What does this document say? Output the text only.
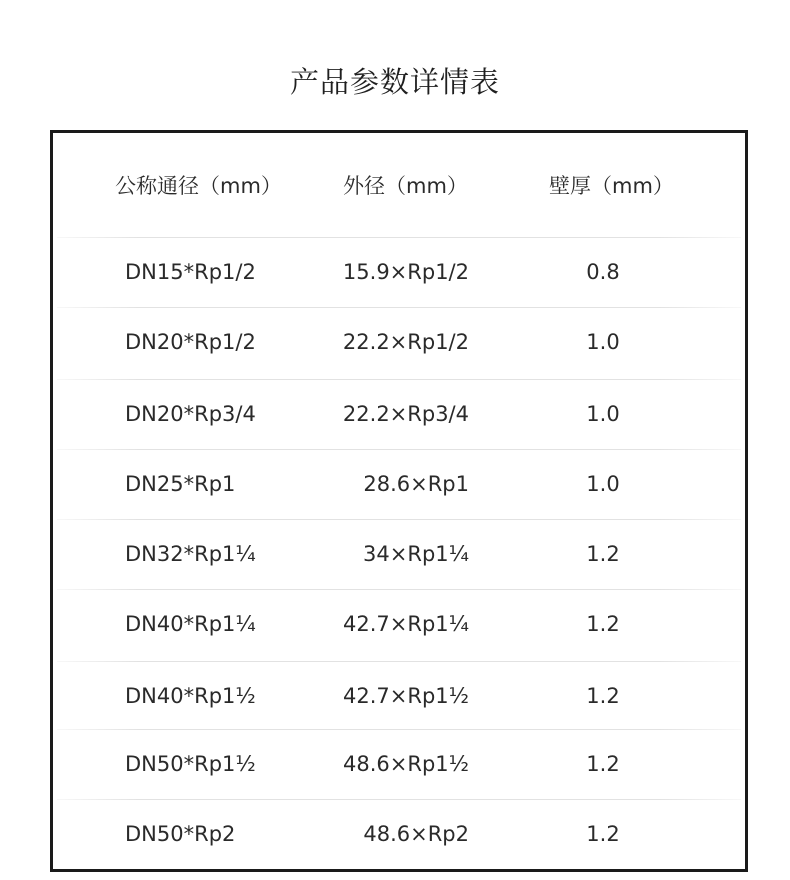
产品参数详情表
公称通径（mm）	外径（mm）	壁厚（mm）
DN15*Rp1/2	15.9×Rp1/2	0.8
DN20*Rp1/2	22.2×Rp1/2	1.0
DN20*Rp3/4	22.2×Rp3/4	1.0
DN25*Rp1	28.6×Rp1	1.0
DN32*Rp1¼	34×Rp1¼	1.2
DN40*Rp1¼	42.7×Rp1¼	1.2
DN40*Rp1½	42.7×Rp1½	1.2
DN50*Rp1½	48.6×Rp1½	1.2
DN50*Rp2	48.6×Rp2	1.2
